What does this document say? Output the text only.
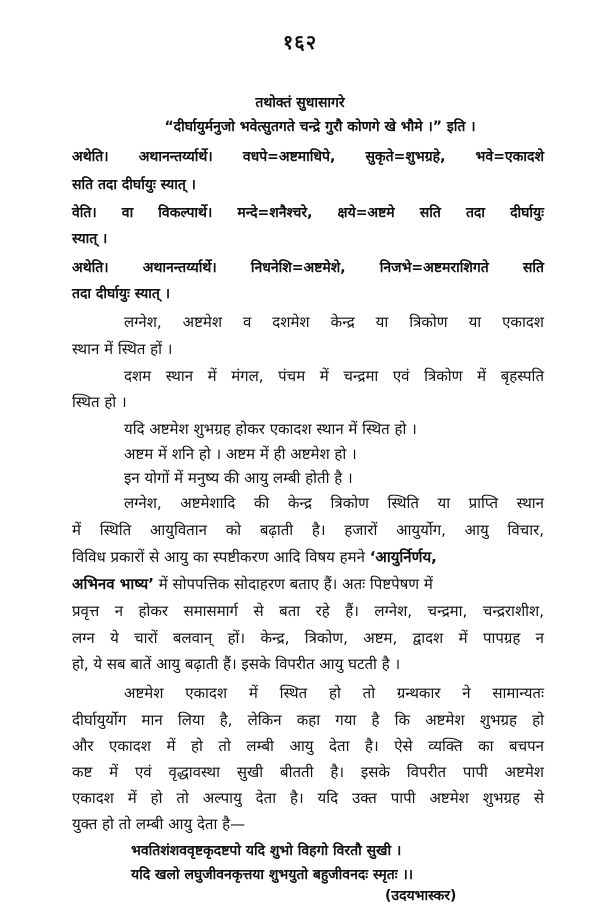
१६२
तथोक्तं सुधासागरे
“दीर्घायुर्मनुजो भवेत्सुतगते चन्द्रे गुरौ कोणगे खे भौमे ।” इति ।
अथेति। अथानन्तर्य्यार्थे। वधपे=अष्टमाधिपे, सुकृते=शुभग्रहे, भवे=एकादशे
सति तदा दीर्घायुः स्यात् ।
वेति। वा विकल्पार्थे। मन्दे=शनैश्चरे, क्षये=अष्टमे सति तदा दीर्घायुः
स्यात् ।
अथेति। अथानन्तर्य्यार्थे। निधनेशि=अष्टमेशे, निजभे=अष्टमराशिगते सति
तदा दीर्घायुः स्यात् ।
लग्नेश, अष्टमेश व दशमेश केन्द्र या त्रिकोण या एकादश
स्थान में स्थित हों ।
दशम स्थान में मंगल, पंचम में चन्द्रमा एवं त्रिकोण में बृहस्पति
स्थित हो ।
यदि अष्टमेश शुभग्रह होकर एकादश स्थान में स्थित हो ।
अष्टम में शनि हो । अष्टम में ही अष्टमेश हो ।
इन योगों में मनुष्य की आयु लम्बी होती है ।
लग्नेश, अष्टमेशादि की केन्द्र त्रिकोण स्थिति या प्राप्ति स्थान
में स्थिति आयुवितान को बढ़ाती है। हजारों आयुर्योग, आयु विचार,
विविध प्रकारों से आयु का स्पष्टीकरण आदि विषय हमने ‘आयुर्निर्णय,
अभिनव भाष्य’ में सोपपत्तिक सोदाहरण बताए हैं। अतः पिष्टपेषण में
प्रवृत्त न होकर समासमार्ग से बता रहे हैं। लग्नेश, चन्द्रमा, चन्द्रराशीश,
लग्न ये चारों बलवान् हों। केन्द्र, त्रिकोण, अष्टम, द्वादश में पापग्रह न
हो, ये सब बातें आयु बढ़ाती हैं। इसके विपरीत आयु घटती है ।
अष्टमेश एकादश में स्थित हो तो ग्रन्थकार ने सामान्यतः
दीर्घायुर्योग मान लिया है, लेकिन कहा गया है कि अष्टमेश शुभग्रह हो
और एकादश में हो तो लम्बी आयु देता है। ऐसे व्यक्ति का बचपन
कष्ट में एवं वृद्धावस्था सुखी बीतती है। इसके विपरीत पापी अष्टमेश
एकादश में हो तो अल्पायु देता है। यदि उक्त पापी अष्टमेश शुभग्रह से
युक्त हो तो लम्बी आयु देता है—
भवतिशंशववृष्टकृदष्टपो यदि शुभो विहगो विरतौ सुखी ।
यदि खलो लघुजीवनकृत्तया शुभयुतो बहुजीवनदः स्मृतः ।।
(उदयभास्कर)
